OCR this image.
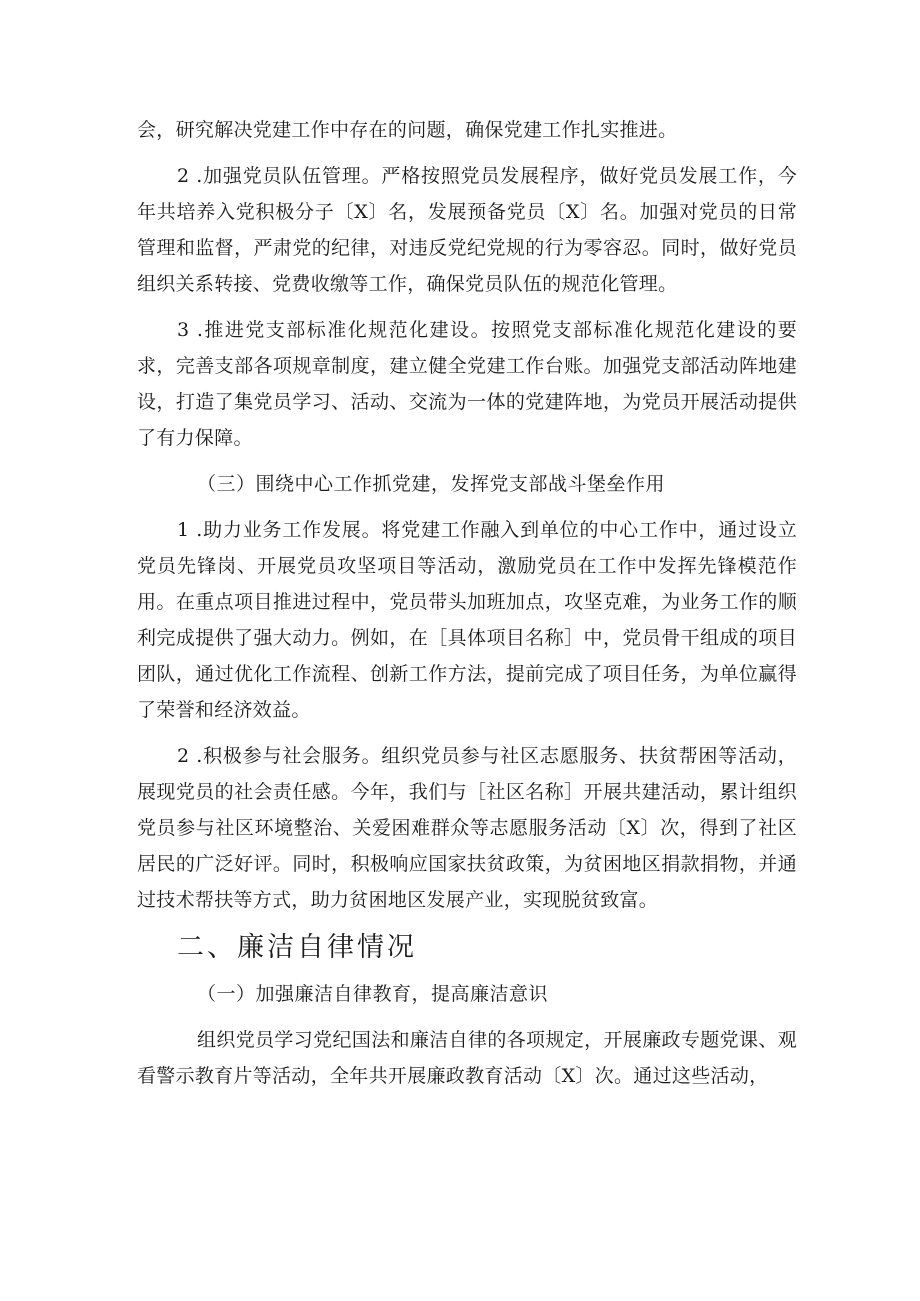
会，研究解决党建工作中存在的问题，确保党建工作扎实推进。

2 .加强党员队伍管理。严格按照党员发展程序，做好党员发展工作，今年共培养入党积极分子〔X〕名，发展预备党员〔X〕名。加强对党员的日常管理和监督，严肃党的纪律，对违反党纪党规的行为零容忍。同时，做好党员组织关系转接、党费收缴等工作，确保党员队伍的规范化管理。

3 .推进党支部标准化规范化建设。按照党支部标准化规范化建设的要求，完善支部各项规章制度，建立健全党建工作台账。加强党支部活动阵地建设，打造了集党员学习、活动、交流为一体的党建阵地，为党员开展活动提供了有力保障。

（三）围绕中心工作抓党建，发挥党支部战斗堡垒作用

1 .助力业务工作发展。将党建工作融入到单位的中心工作中，通过设立党员先锋岗、开展党员攻坚项目等活动，激励党员在工作中发挥先锋模范作用。在重点项目推进过程中，党员带头加班加点，攻坚克难，为业务工作的顺利完成提供了强大动力。例如，在［具体项目名称］中，党员骨干组成的项目团队，通过优化工作流程、创新工作方法，提前完成了项目任务，为单位赢得了荣誉和经济效益。

2 .积极参与社会服务。组织党员参与社区志愿服务、扶贫帮困等活动，展现党员的社会责任感。今年，我们与［社区名称］开展共建活动，累计组织党员参与社区环境整治、关爱困难群众等志愿服务活动〔X〕次，得到了社区居民的广泛好评。同时，积极响应国家扶贫政策，为贫困地区捐款捐物，并通过技术帮扶等方式，助力贫困地区发展产业，实现脱贫致富。

二、廉洁自律情况

（一）加强廉洁自律教育，提高廉洁意识

组织党员学习党纪国法和廉洁自律的各项规定，开展廉政专题党课、观看警示教育片等活动，全年共开展廉政教育活动〔X〕次。通过这些活动，
